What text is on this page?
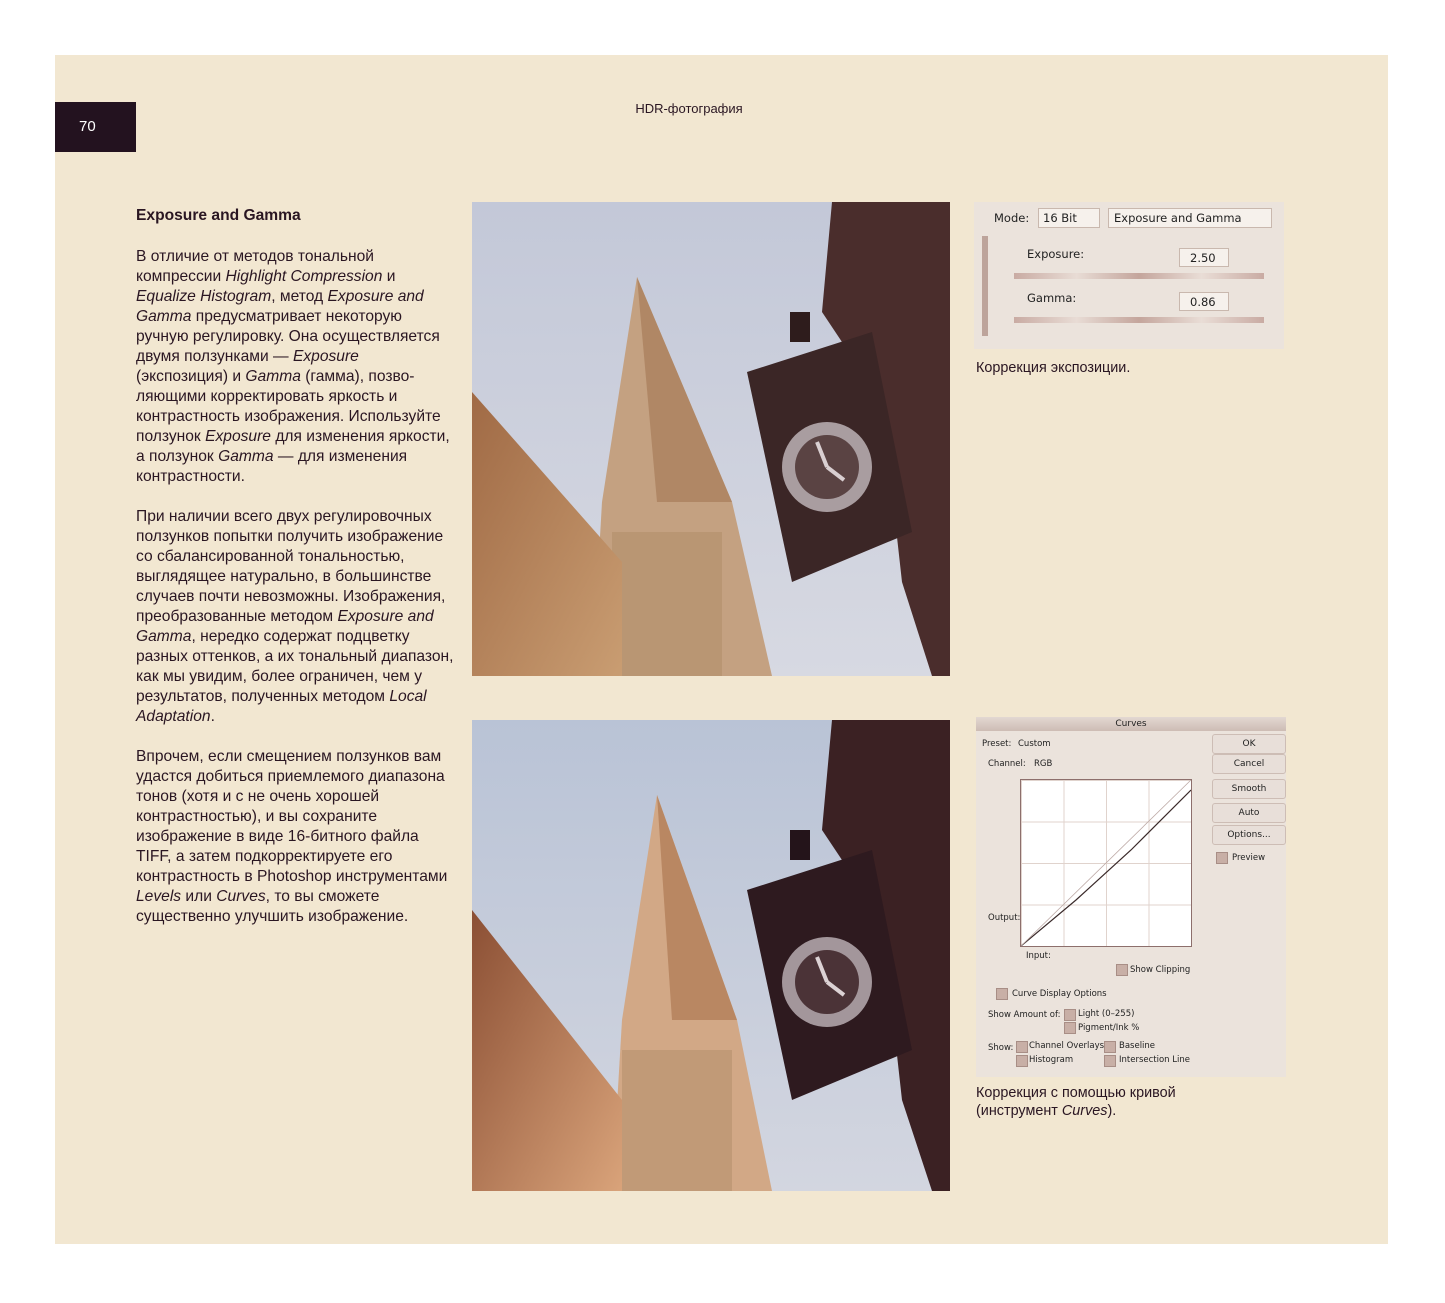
70
HDR-фотография
Exposure and Gamma

В отличие от методов тональной компрессии Highlight Compression и Equalize Histogram, метод Exposure and Gamma предусматривает некоторую ручную регулировку. Она осуществляется двумя ползунками — Exposure (экспозиция) и Gamma (гамма), позволяющими корректировать яркость и контрастность изображения. Используйте ползунок Exposure для изменения яркости, а ползунок Gamma — для изменения контрастности.

При наличии всего двух регулировочных ползунков попытки получить изображение со сбалансированной тональностью, выглядящее натурально, в большинстве случаев почти невозможны. Изображения, преобразованные методом Exposure and Gamma, нередко содержат подцветку разных оттенков, а их тональный диапазон, как мы увидим, более ограничен, чем у результатов, полученных методом Local Adaptation.

Впрочем, если смещением ползунков вам удастся добиться приемлемого диапазона тонов (хотя и с не очень хорошей контрастностью), и вы сохраните изображение в виде 16-битного файла TIFF, а затем подкорректируете его контрастность в Photoshop инструментами Levels или Curves, то вы сможете существенно улучшить изображение.

Mode: 16 Bit	Exposure and Gamma
Exposure:	2.50
Gamma:	0.86
Коррекция экспозиции.
Curves
Preset: Custom
Channel: RGB
OK
Cancel
Smooth
Auto
Options...
Preview
Output:
Input:
Show Clipping
Curve Display Options
Show Amount of: Light (0–255)
Pigment/Ink %
Show: Channel Overlays Baseline
Histogram	Intersection Line
Коррекция с помощью кривой
(инструмент Curves).
